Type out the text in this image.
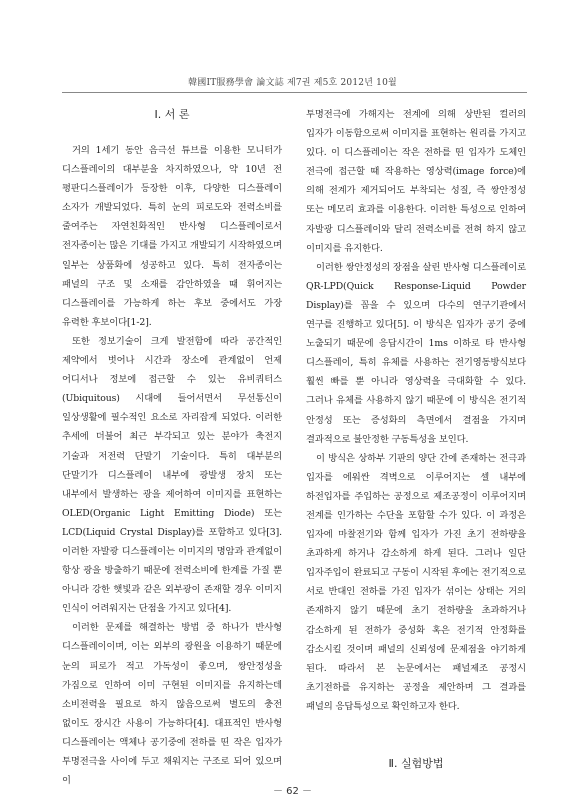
韓國IT服務學會 論文誌 제7권 제5호 2012년 10월

Ⅰ. 서 론

거의 1세기 동안 음극선 튜브를 이용한 모니터가 디스플레이의 대부분을 차지하였으나, 약 10년 전 평판디스플레이가 등장한 이후, 다양한 디스플레이 소자가 개발되었다. 특히 눈의 피로도와 전력소비를 줄여주는 자연친화적인 반사형 디스플레이로서 전자종이는 많은 기대를 가지고 개발되기 시작하였으며 일부는 상품화에 성공하고 있다. 특히 전자종이는 패널의 구조 및 소재를 감안하였을 때 휘어지는 디스플레이를 가능하게 하는 후보 중에서도 가장 유력한 후보이다[1-2].

또한 정보기술이 크게 발전함에 따라 공간적인 제약에서 벗어나 시간과 장소에 관계없이 언제 어디서나 정보에 접근할 수 있는 유비쿼터스(Ubiquitous) 시대에 들어서면서 무선통신이 일상생활에 필수적인 요소로 자리잡게 되었다. 이러한 추세에 더불어 최근 부각되고 있는 분야가 축전지 기술과 저전력 단말기 기술이다. 특히 대부분의 단말기가 디스플레이 내부에 광발생 장치 또는 내부에서 발생하는 광을 제어하여 이미지를 표현하는 OLED(Organic Light Emitting Diode) 또는 LCD(Liquid Crystal Display)를 포함하고 있다[3]. 이러한 자발광 디스플레이는 이미지의 명암과 관계없이 항상 광을 방출하기 때문에 전력소비에 한계를 가질 뿐 아니라 강한 햇빛과 같은 외부광이 존재할 경우 이미지 인식이 어려워지는 단점을 가지고 있다[4].

이러한 문제를 해결하는 방법 중 하나가 반사형 디스플레이이며, 이는 외부의 광원을 이용하기 때문에 눈의 피로가 적고 가독성이 좋으며, 쌍안정성을 가짐으로 인하여 이미 구현된 이미지를 유지하는데 소비전력을 필요로 하지 않음으로써 별도의 충전 없이도 장시간 사용이 가능하다[4]. 대표적인 반사형 디스플레이는 액체나 공기중에 전하를 띤 작은 입자가 투명전극을 사이에 두고 채워지는 구조로 되어 있으며 이

투명전극에 가해지는 전계에 의해 상반된 컬러의 입자가 이동함으로써 이미지를 표현하는 원리를 가지고 있다. 이 디스플레이는 작은 전하를 띤 입자가 도체인 전극에 접근할 때 작용하는 영상력(image force)에 의해 전계가 제거되어도 부착되는 성질, 즉 쌍안정성 또는 메모리 효과를 이용한다. 이러한 특성으로 인하여 자발광 디스플레이와 달리 전력소비를 전혀 하지 않고 이미지를 유지한다.

이러한 쌍안정성의 장점을 살린 반사형 디스플레이로 QR-LPD(Quick Response-Liquid Powder Display)를 꼽을 수 있으며 다수의 연구기관에서 연구를 진행하고 있다[5]. 이 방식은 입자가 공기 중에 노출되기 때문에 응답시간이 1ms 이하로 타 반사형 디스플레이, 특히 유체를 사용하는 전기영동방식보다 훨씬 빠를 뿐 아니라 영상력을 극대화할 수 있다. 그러나 유체를 사용하지 않기 때문에 이 방식은 전기적 안정성 또는 증성화의 측면에서 결점을 가지며 결과적으로 불안정한 구동특성을 보인다.

이 방식은 상하부 기판의 양단 간에 존재하는 전극과 입자를 에워싼 격벽으로 이루어지는 셀 내부에 하전입자를 주입하는 공정으로 제조공정이 이루어지며 전계를 인가하는 수단을 포함할 수가 있다. 이 과정은 입자에 마찰전기와 함께 입자가 가진 초기 전하량을 초과하게 하거나 감소하게 하게 된다. 그러나 일단 입자주입이 완료되고 구동이 시작된 후에는 전기적으로 서로 반대인 전하를 가진 입자가 섞이는 상태는 거의 존재하지 않기 때문에 초기 전하량을 초과하거나 감소하게 된 전하가 중성화 혹은 전기적 안정화를 감소시킬 것이며 패널의 신뢰성에 문제점을 야기하게 된다. 따라서 본 논문에서는 패널제조 공정시 초기전하를 유지하는 공정을 제안하며 그 결과를 패널의 응답특성으로 확인하고자 한다.

Ⅱ. 실험방법
－ 62 －
